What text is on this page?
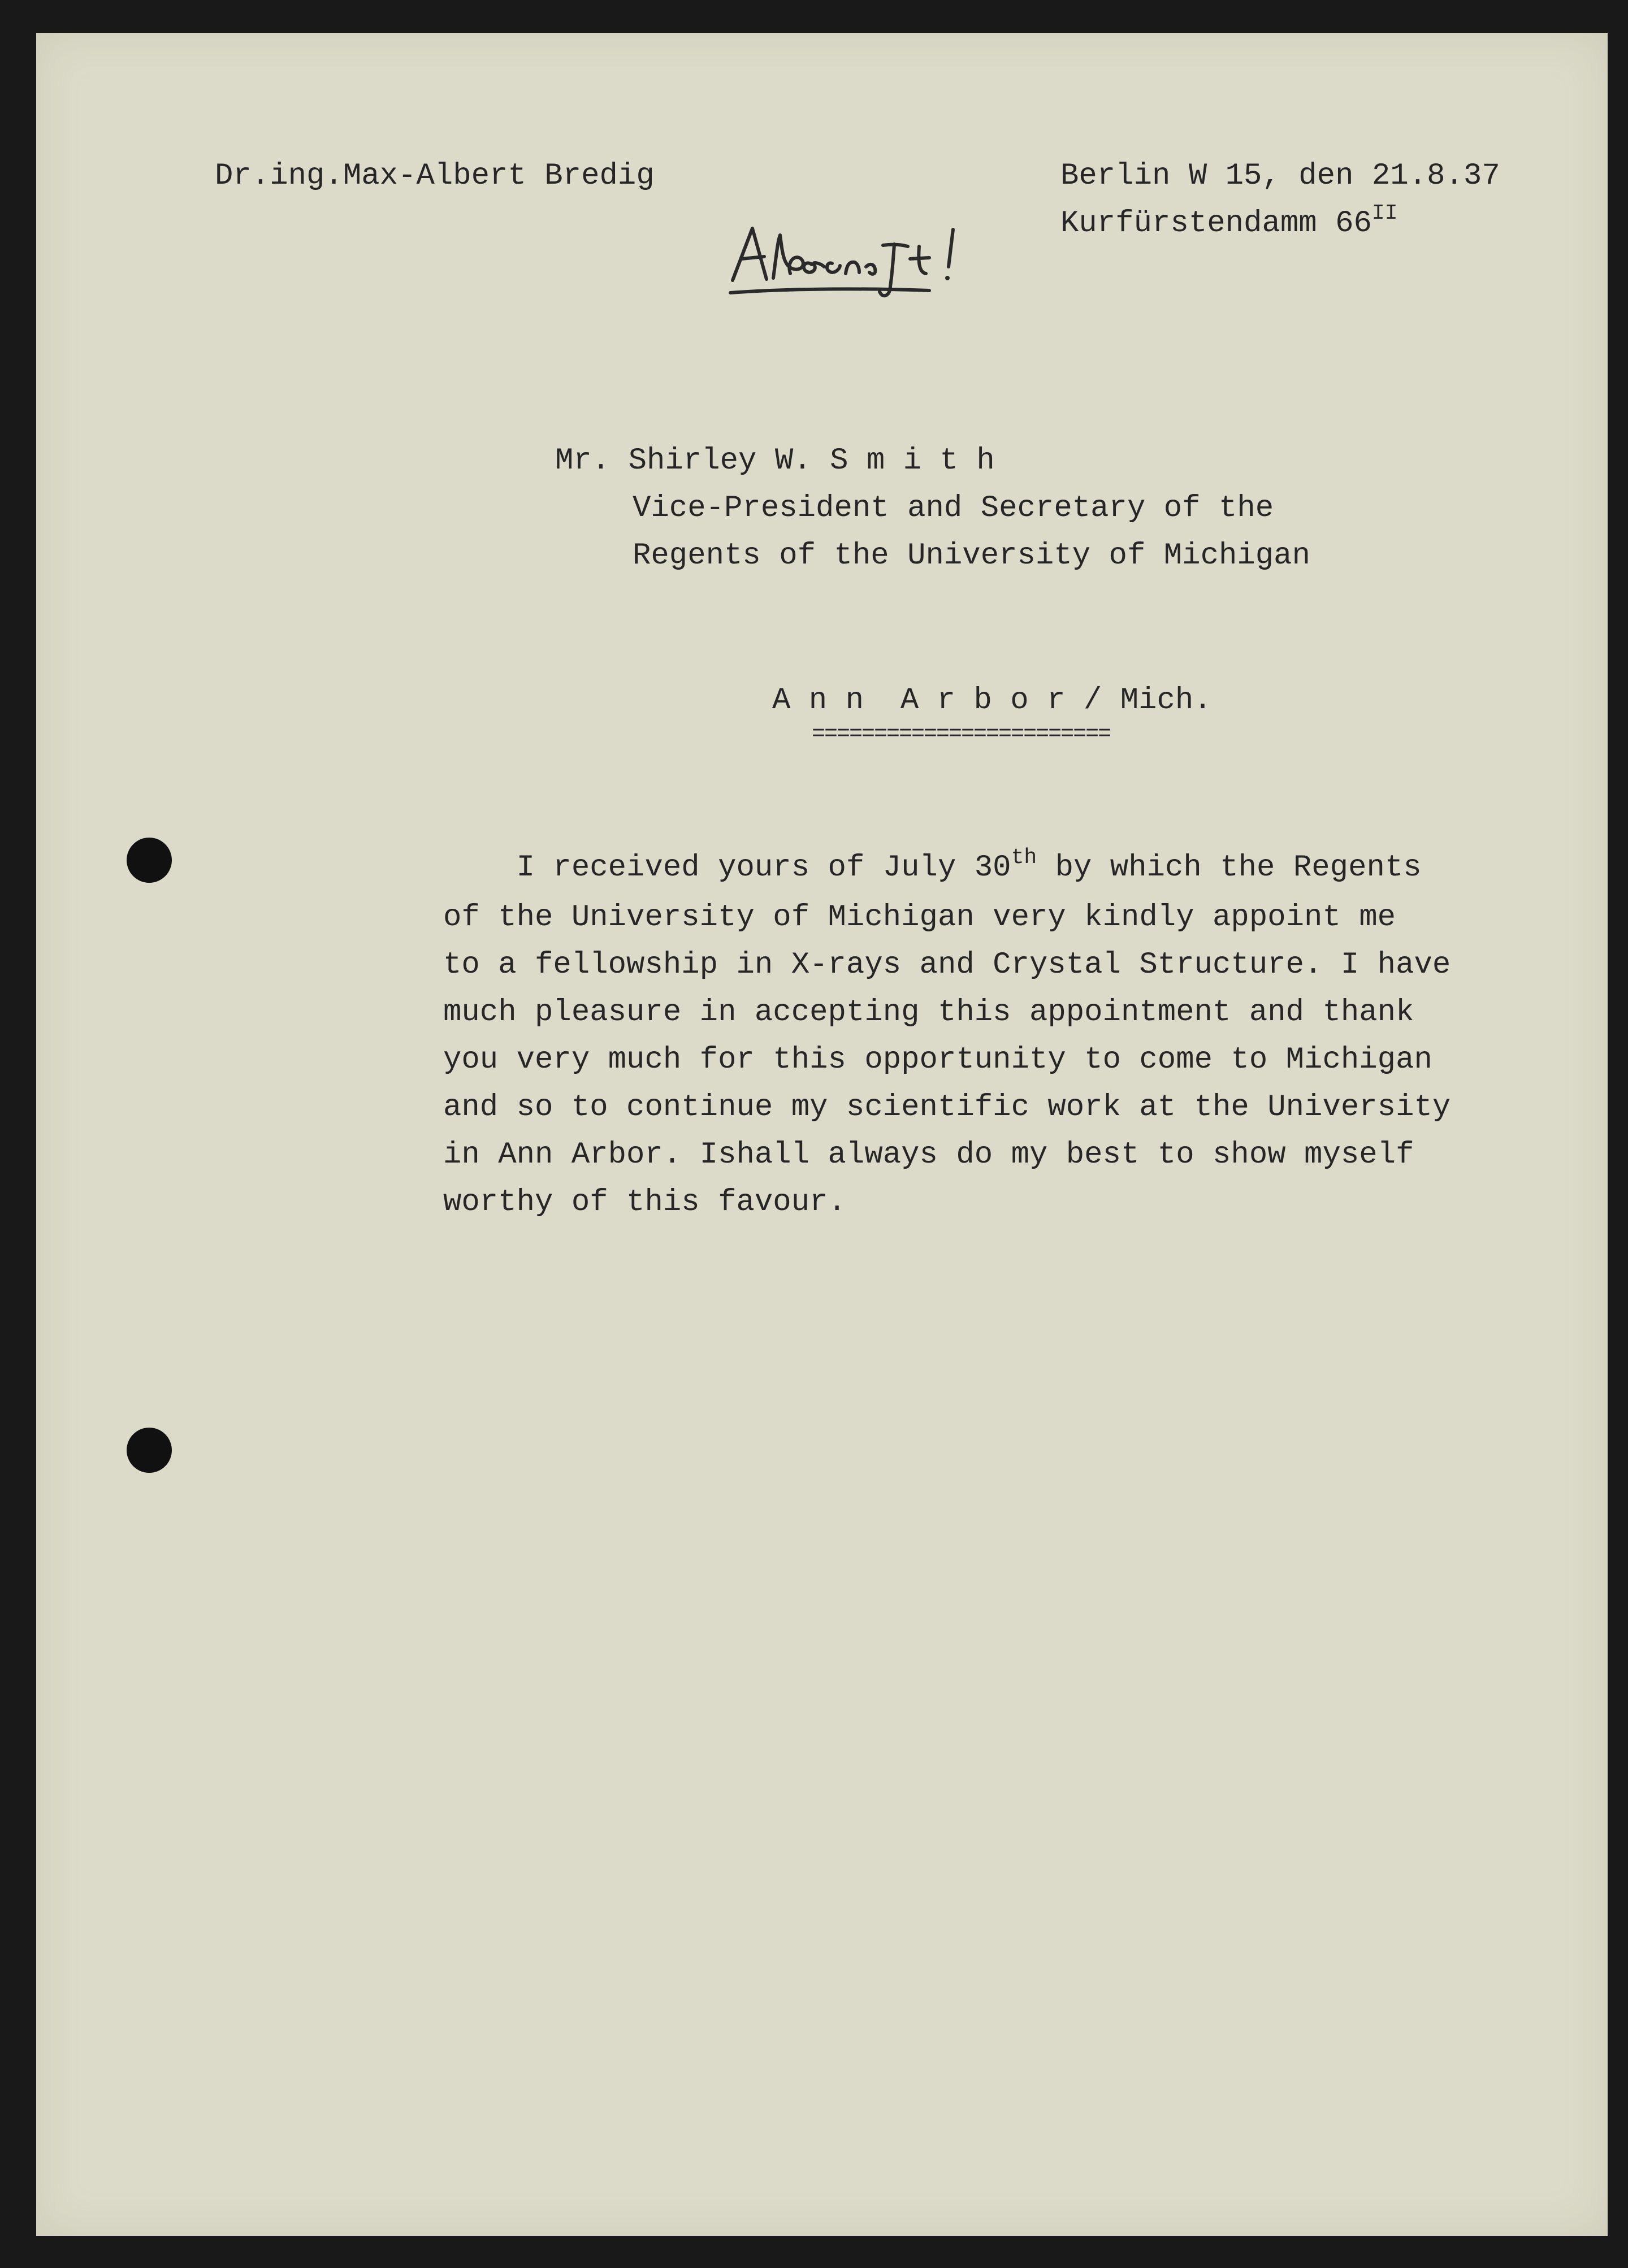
Dr.ing.Max-Albert Bredig	Berlin W 15, den 21.8.37
Kurfürstendamm $66^{II}$
Mr. Shirley W. S m i t h
Vice-President and Secretary of the
Regents of the University of Michigan
A n n  A r b o r / Mich.
========================
I received yours of July 30th by which the Regents
of the University of Michigan very kindly appoint me
to a fellowship in X-rays and Crystal Structure. I have
much pleasure in accepting this appointment and thank
you very much for this opportunity to come to Michigan
and so to continue my scientific work at the University
in Ann Arbor. Ishall always do my best to show myself
worthy of this favour.
